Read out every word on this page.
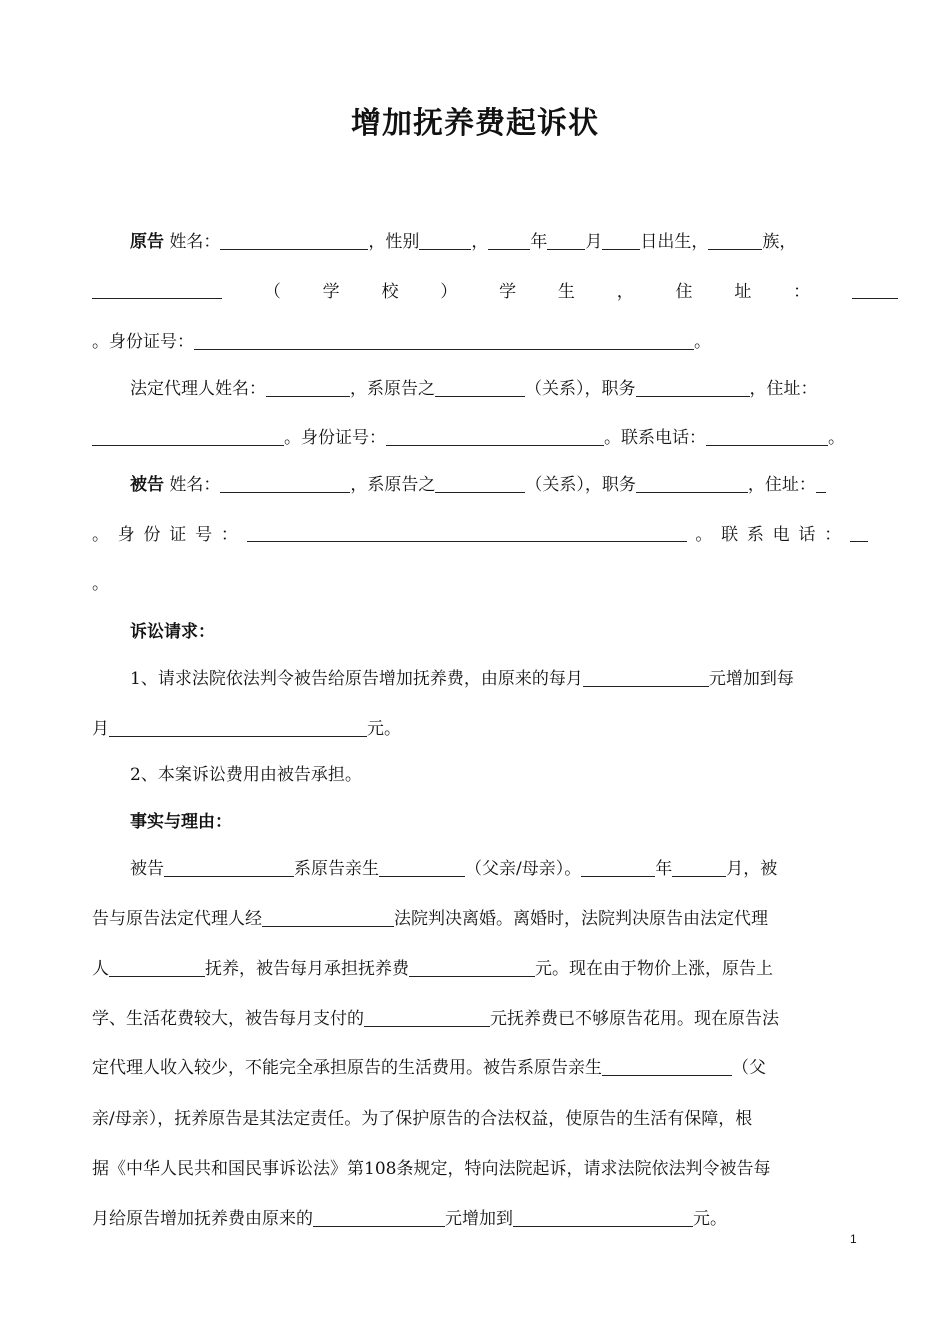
增加抚养费起诉状
原告 姓名：	，性别	， 年 月 日出生，	族，
（ 学 校 ） 学 生 ， 住 址 ：
。身份证号：	。
法定代理人姓名：	，系原告之	（关系），职务	，住址：
。身份证号：	。联系电话：	。
被告 姓名：	，系原告之	（关系），职务	，住址：
。 身 份 证 号 ：	。 联 系 电 话 ：
。
诉讼请求：
1、请求法院依法判令被告给原告增加抚养费，由原来的每月	元增加到每
月	元。
2、本案诉讼费用由被告承担。
事实与理由：
被告	系原告亲生	（父亲/母亲）。	年	月，被
告与原告法定代理人经	法院判决离婚。离婚时，法院判决原告由法定代理
人	抚养，被告每月承担抚养费	元。现在由于物价上涨，原告上
学、生活花费较大，被告每月支付的	元抚养费已不够原告花用。现在原告法
定代理人收入较少，不能完全承担原告的生活费用。被告系原告亲生	（父
亲/母亲），抚养原告是其法定责任。为了保护原告的合法权益，使原告的生活有保障，根
据《中华人民共和国民事诉讼法》第108条规定，特向法院起诉，请求法院依法判令被告每
月给原告增加抚养费由原来的	元增加到	元。
1
